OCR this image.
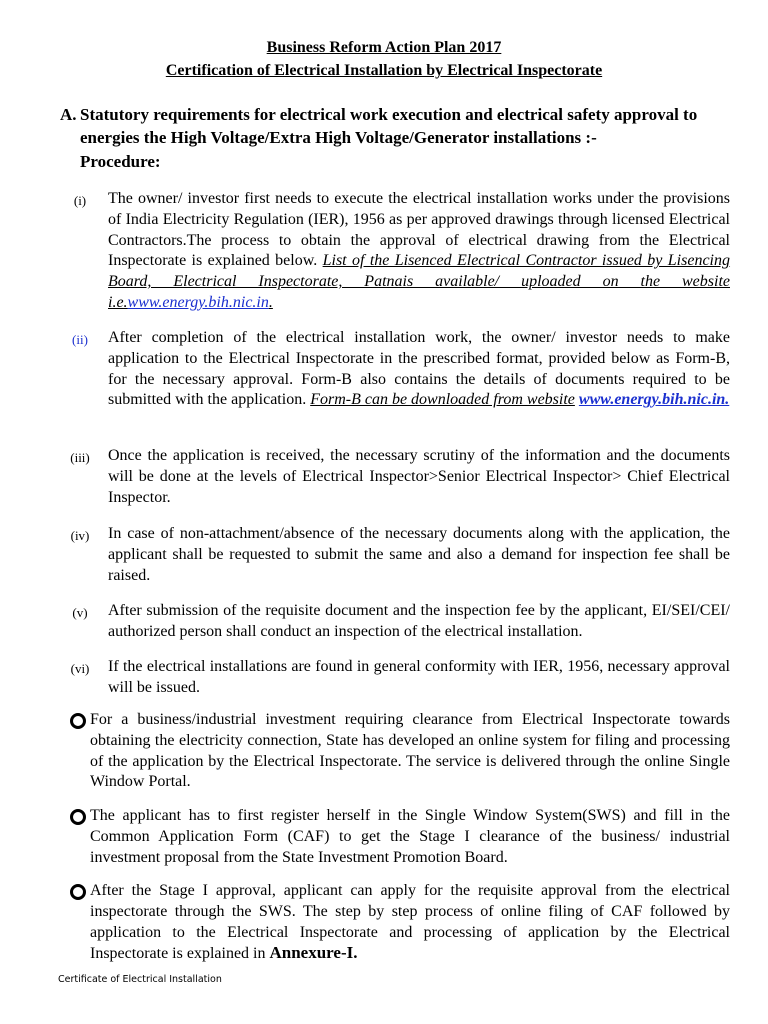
Business Reform Action Plan 2017
Certification of Electrical Installation by Electrical Inspectorate
A. Statutory requirements for electrical work execution and electrical safety approval to energies the High Voltage/Extra High Voltage/Generator installations :-
Procedure:
(i)	The owner/ investor first needs to execute the electrical installation works under the provisions of India Electricity Regulation (IER), 1956 as per approved drawings through licensed Electrical Contractors.The process to obtain the approval of electrical drawing from the Electrical Inspectorate is explained below. List of the Lisenced Electrical Contractor issued by Lisencing Board, Electrical Inspectorate, Patnais available/ uploaded on the website i.e.www.energy.bih.nic.in.
(ii)	After completion of the electrical installation work, the owner/ investor needs to make application to the Electrical Inspectorate in the prescribed format, provided below as Form-B, for the necessary approval. Form-B also contains the details of documents required to be submitted with the application. Form-B can be downloaded from website www.energy.bih.nic.in.
(iii)	Once the application is received, the necessary scrutiny of the information and the documents will be done at the levels of Electrical Inspector>Senior Electrical Inspector> Chief Electrical Inspector.
(iv)	In case of non-attachment/absence of the necessary documents along with the application, the applicant shall be requested to submit the same and also a demand for inspection fee shall be raised.
(v)	After submission of the requisite document and the inspection fee by the applicant, EI/SEI/CEI/ authorized person shall conduct an inspection of the electrical installation.
(vi)	If the electrical installations are found in general conformity with IER, 1956, necessary approval will be issued.
For a business/industrial investment requiring clearance from Electrical Inspectorate towards obtaining the electricity connection, State has developed an online system for filing and processing of the application by the Electrical Inspectorate. The service is delivered through the online Single Window Portal.
The applicant has to first register herself in the Single Window System(SWS) and fill in the Common Application Form (CAF) to get the Stage I clearance of the business/ industrial investment proposal from the State Investment Promotion Board.
After the Stage I approval, applicant can apply for the requisite approval from the electrical inspectorate through the SWS. The step by step process of online filing of CAF followed by application to the Electrical Inspectorate and processing of application by the Electrical Inspectorate is explained in Annexure-I.
Certificate of Electrical Installation
